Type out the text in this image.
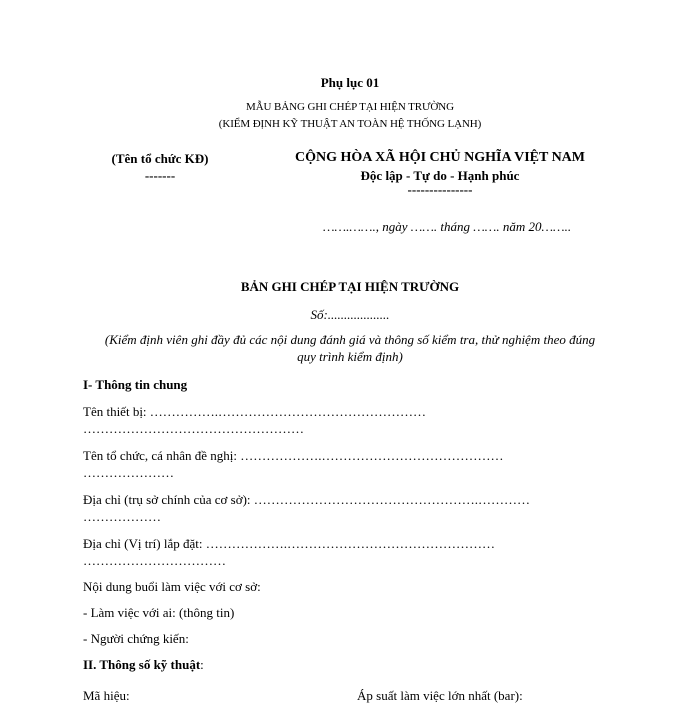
Phụ lục 01
MẪU BẢNG GHI CHÉP TẠI HIỆN TRƯỜNG
(KIỂM ĐỊNH KỸ THUẬT AN TOÀN HỆ THỐNG LẠNH)
(Tên tổ chức KĐ)
-------
CỘNG HÒA XÃ HỘI CHỦ NGHĨA VIỆT NAM
Độc lập - Tự do - Hạnh phúc
---------------
…….……., ngày ……. tháng ……. năm 20……..
BẢN GHI CHÉP TẠI HIỆN TRƯỜNG
Số:...................
(Kiểm định viên ghi đầy đủ các nội dung đánh giá và thông số kiểm tra, thử nghiệm theo đúng
quy trình kiểm định)
I- Thông tin chung
Tên thiết bị: …………….…………………………………………
……………………………………………
Tên tổ chức, cá nhân đề nghị: ……………….……………………………………
…………………
Địa chỉ (trụ sở chính của cơ sở): …………………………………………….…………
………………
Địa chỉ (Vị trí) lắp đặt: ……………….…………………………………………
……………………………
Nội dung buổi làm việc với cơ sở:
- Làm việc với ai: (thông tin)
- Người chứng kiến:
II. Thông số kỹ thuật:
Mã hiệu:	Áp suất làm việc lớn nhất (bar):
